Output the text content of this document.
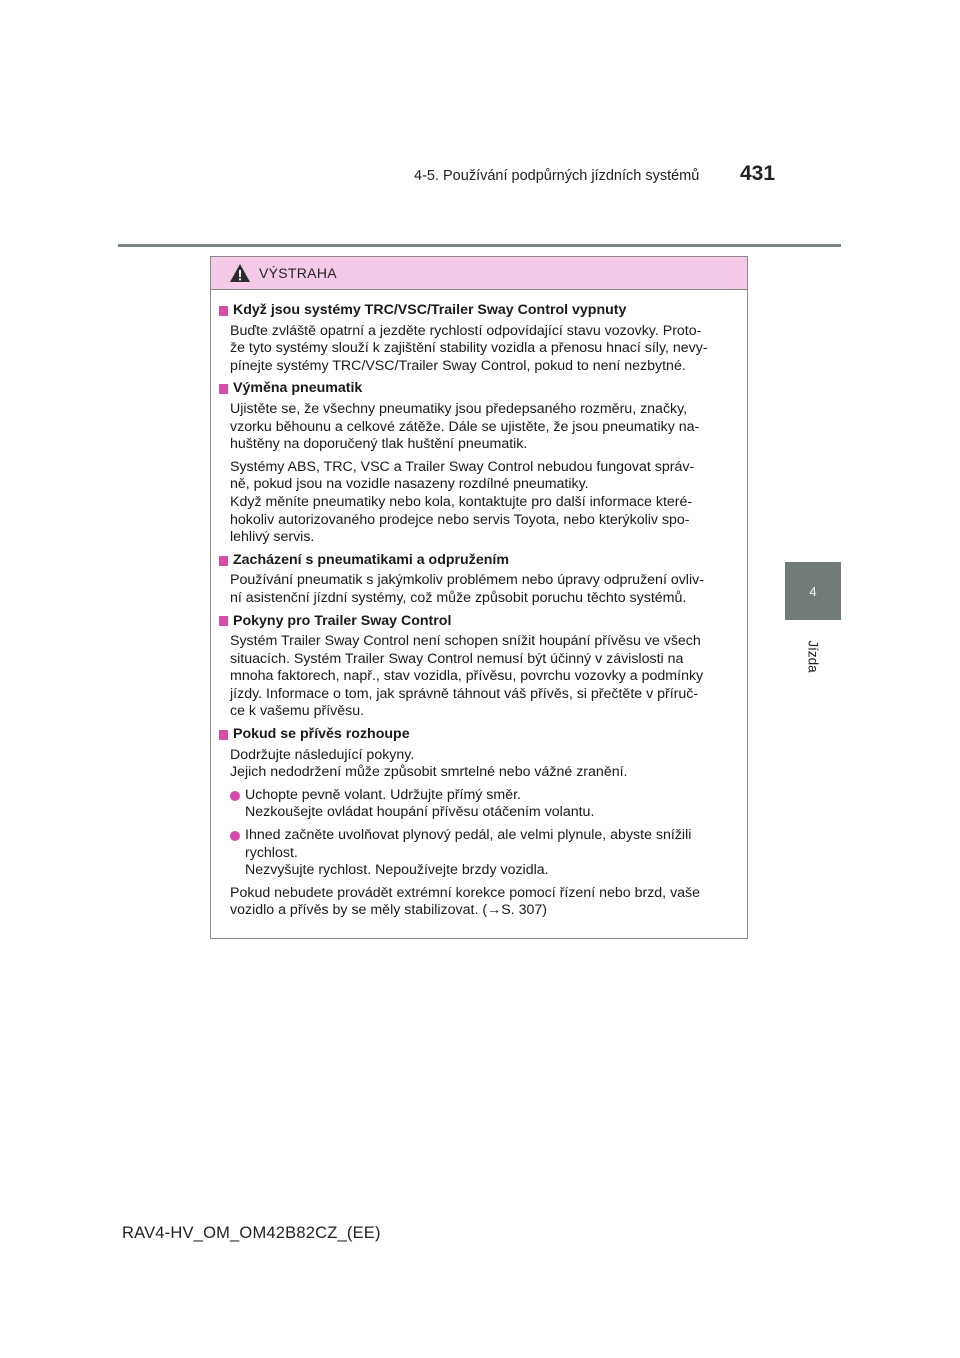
4-5. Používání podpůrných jízdních systémů 431
4
Jízda
VÝSTRAHA
Když jsou systémy TRC/VSC/Trailer Sway Control vypnuty
Buďte zvláště opatrní a jezděte rychlostí odpovídající stavu vozovky. Proto-
že tyto systémy slouží k zajištění stability vozidla a přenosu hnací síly, nevy-
pínejte systémy TRC/VSC/Trailer Sway Control, pokud to není nezbytné.
Výměna pneumatik
Ujistěte se, že všechny pneumatiky jsou předepsaného rozměru, značky,
vzorku běhounu a celkové zátěže. Dále se ujistěte, že jsou pneumatiky na-
huštěny na doporučený tlak huštění pneumatik.
Systémy ABS, TRC, VSC a Trailer Sway Control nebudou fungovat správ-
ně, pokud jsou na vozidle nasazeny rozdílné pneumatiky.
Když měníte pneumatiky nebo kola, kontaktujte pro další informace které-
hokoliv autorizovaného prodejce nebo servis Toyota, nebo kterýkoliv spo-
lehlivý servis.
Zacházení s pneumatikami a odpružením
Používání pneumatik s jakýmkoliv problémem nebo úpravy odpružení ovliv-
ní asistenční jízdní systémy, což může způsobit poruchu těchto systémů.
Pokyny pro Trailer Sway Control
Systém Trailer Sway Control není schopen snížit houpání přívěsu ve všech
situacích. Systém Trailer Sway Control nemusí být účinný v závislosti na
mnoha faktorech, např., stav vozidla, přívěsu, povrchu vozovky a podmínky
jízdy. Informace o tom, jak správně táhnout váš přívěs, si přečtěte v příruč-
ce k vašemu přívěsu.
Pokud se přívěs rozhoupe
Dodržujte následující pokyny.
Jejich nedodržení může způsobit smrtelné nebo vážné zranění.
Uchopte pevně volant. Udržujte přímý směr.
Nezkoušejte ovládat houpání přívěsu otáčením volantu.
Ihned začněte uvolňovat plynový pedál, ale velmi plynule, abyste snížili
rychlost.
Nezvyšujte rychlost. Nepoužívejte brzdy vozidla.
Pokud nebudete provádět extrémní korekce pomocí řízení nebo brzd, vaše
vozidlo a přívěs by se měly stabilizovat. (→S. 307)
RAV4-HV_OM_OM42B82CZ_(EE)
